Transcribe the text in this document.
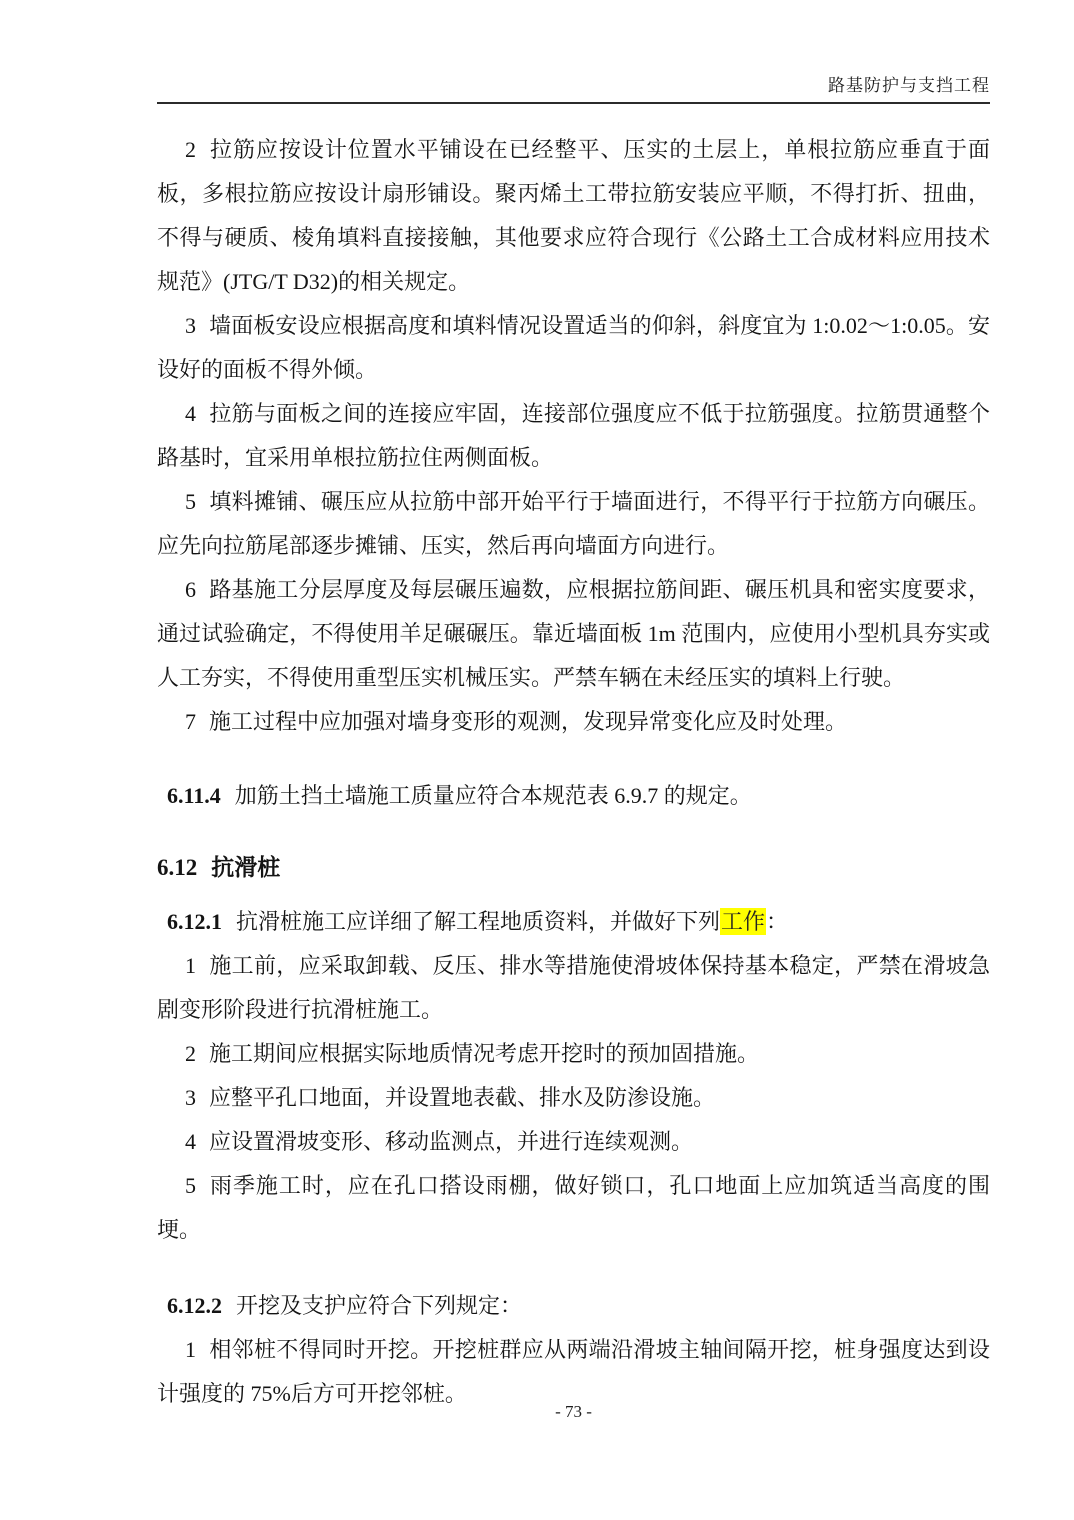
路基防护与支挡工程

2 拉筋应按设计位置水平铺设在已经整平、压实的土层上，单根拉筋应垂直于面板，多根拉筋应按设计扇形铺设。聚丙烯土工带拉筋安装应平顺，不得打折、扭曲，不得与硬质、棱角填料直接接触，其他要求应符合现行《公路土工合成材料应用技术规范》(JTG/T D32)的相关规定。

3 墙面板安设应根据高度和填料情况设置适当的仰斜，斜度宜为 1:0.02～1:0.05。安设好的面板不得外倾。

4 拉筋与面板之间的连接应牢固，连接部位强度应不低于拉筋强度。拉筋贯通整个路基时，宜采用单根拉筋拉住两侧面板。

5 填料摊铺、碾压应从拉筋中部开始平行于墙面进行，不得平行于拉筋方向碾压。应先向拉筋尾部逐步摊铺、压实，然后再向墙面方向进行。

6 路基施工分层厚度及每层碾压遍数，应根据拉筋间距、碾压机具和密实度要求，通过试验确定，不得使用羊足碾碾压。靠近墙面板 1m 范围内，应使用小型机具夯实或人工夯实，不得使用重型压实机械压实。严禁车辆在未经压实的填料上行驶。

7 施工过程中应加强对墙身变形的观测，发现异常变化应及时处理。

6.11.4 加筋土挡土墙施工质量应符合本规范表 6.9.7 的规定。

6.12 抗滑桩

6.12.1 抗滑桩施工应详细了解工程地质资料，并做好下列工作：

1 施工前，应采取卸载、反压、排水等措施使滑坡体保持基本稳定，严禁在滑坡急剧变形阶段进行抗滑桩施工。

2 施工期间应根据实际地质情况考虑开挖时的预加固措施。

3 应整平孔口地面，并设置地表截、排水及防渗设施。

4 应设置滑坡变形、移动监测点，并进行连续观测。

5 雨季施工时，应在孔口搭设雨棚，做好锁口，孔口地面上应加筑适当高度的围埂。

6.12.2 开挖及支护应符合下列规定：

1 相邻桩不得同时开挖。开挖桩群应从两端沿滑坡主轴间隔开挖，桩身强度达到设计强度的 75%后方可开挖邻桩。

- 73 -
